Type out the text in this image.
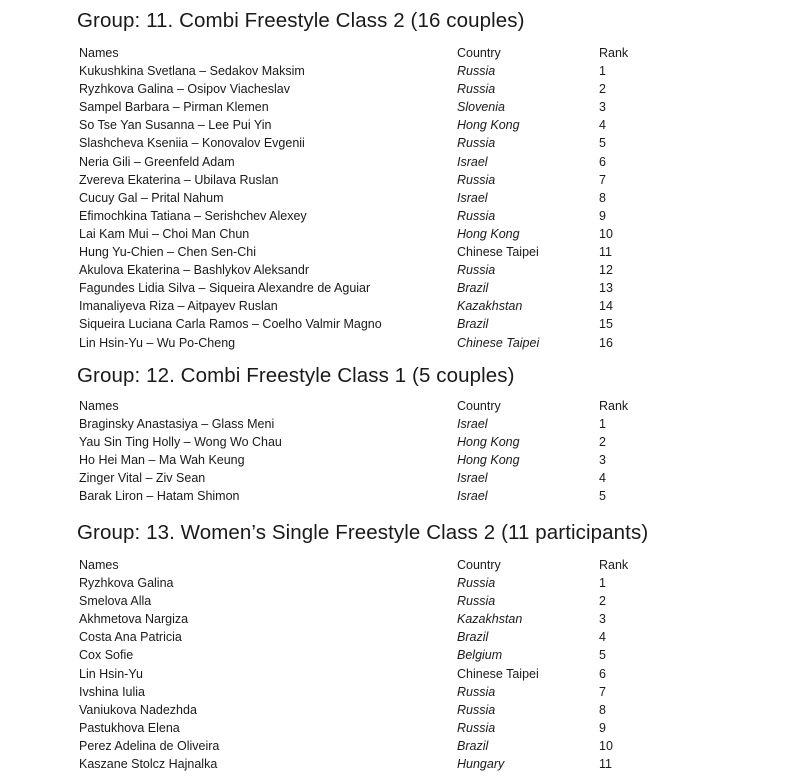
Group: 11. Combi Freestyle Class 2 (16 couples)
Names	Country	Rank
Kukushkina Svetlana – Sedakov Maksim	Russia	1
Ryzhkova Galina – Osipov Viacheslav	Russia	2
Sampel Barbara – Pirman Klemen	Slovenia	3
So Tse Yan Susanna – Lee Pui Yin	Hong Kong	4
Slashcheva Kseniia – Konovalov Evgenii	Russia	5
Neria Gili – Greenfeld Adam	Israel	6
Zvereva Ekaterina – Ubilava Ruslan	Russia	7
Cucuy Gal – Prital Nahum	Israel	8
Efimochkina Tatiana – Serishchev Alexey	Russia	9
Lai Kam Mui – Choi Man Chun	Hong Kong	10
Hung Yu-Chien – Chen Sen-Chi	Chinese Taipei	11
Akulova Ekaterina – Bashlykov Aleksandr	Russia	12
Fagundes Lidia Silva – Siqueira Alexandre de Aguiar	Brazil	13
Imanaliyeva Riza – Aitpayev Ruslan	Kazakhstan	14
Siqueira Luciana Carla Ramos – Coelho Valmir Magno	Brazil	15
Lin Hsin-Yu – Wu Po-Cheng	Chinese Taipei	16
Group: 12. Combi Freestyle Class 1 (5 couples)
Names	Country	Rank
Braginsky Anastasiya – Glass Meni	Israel	1
Yau Sin Ting Holly – Wong Wo Chau	Hong Kong	2
Ho Hei Man – Ma Wah Keung	Hong Kong	3
Zinger Vital – Ziv Sean	Israel	4
Barak Liron – Hatam Shimon	Israel	5
Group: 13. Women’s Single Freestyle Class 2 (11 participants)
Names	Country	Rank
Ryzhkova Galina	Russia	1
Smelova Alla	Russia	2
Akhmetova Nargiza	Kazakhstan	3
Costa Ana Patricia	Brazil	4
Cox Sofie	Belgium	5
Lin Hsin-Yu	Chinese Taipei	6
Ivshina Iulia	Russia	7
Vaniukova Nadezhda	Russia	8
Pastukhova Elena	Russia	9
Perez Adelina de Oliveira	Brazil	10
Kaszane Stolcz Hajnalka	Hungary	11
